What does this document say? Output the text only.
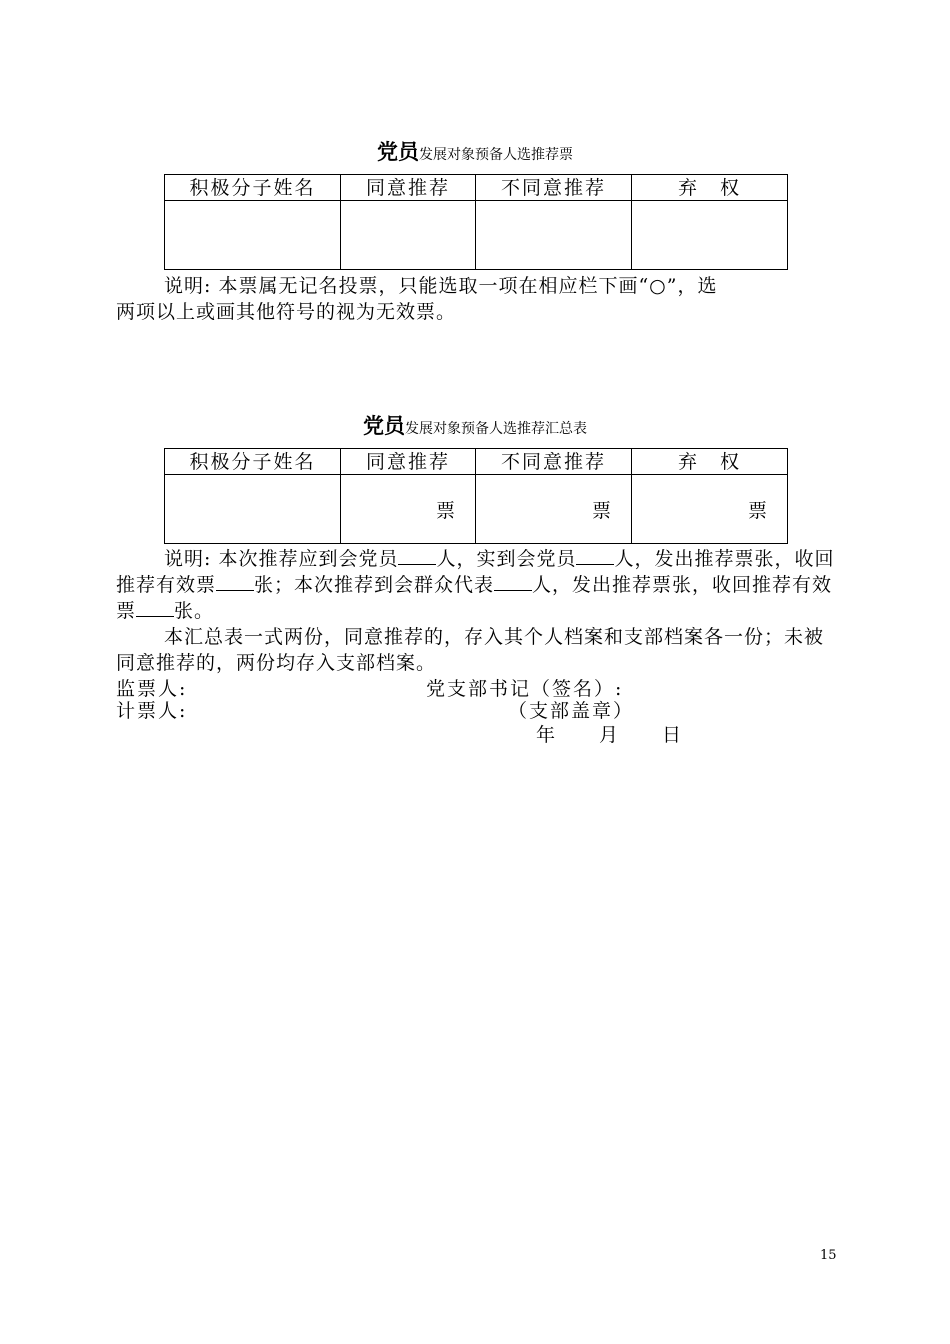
党员发展对象预备人选推荐票
积极分子姓名	同意推荐	不同意推荐	弃　权

说明: 本票属无记名投票，只能选取一项在相应栏下画“○”，选
两项以上或画其他符号的视为无效票。
党员发展对象预备人选推荐汇总表
积极分子姓名	同意推荐	不同意推荐	弃　权
	票	票	票
说明: 本次推荐应到会党员 人，实到会党员 人，发出推荐票张，收回推荐有效票 张；本次推荐到会群众代表 人，发出推荐票张，收回推荐有效票 张。
本汇总表一式两份，同意推荐的，存入其个人档案和支部档案各一份；未被同意推荐的，两份均存入支部档案。
监票人:	党支部书记（签名）:
计票人:	（支部盖章）
年　　月　　日
15
